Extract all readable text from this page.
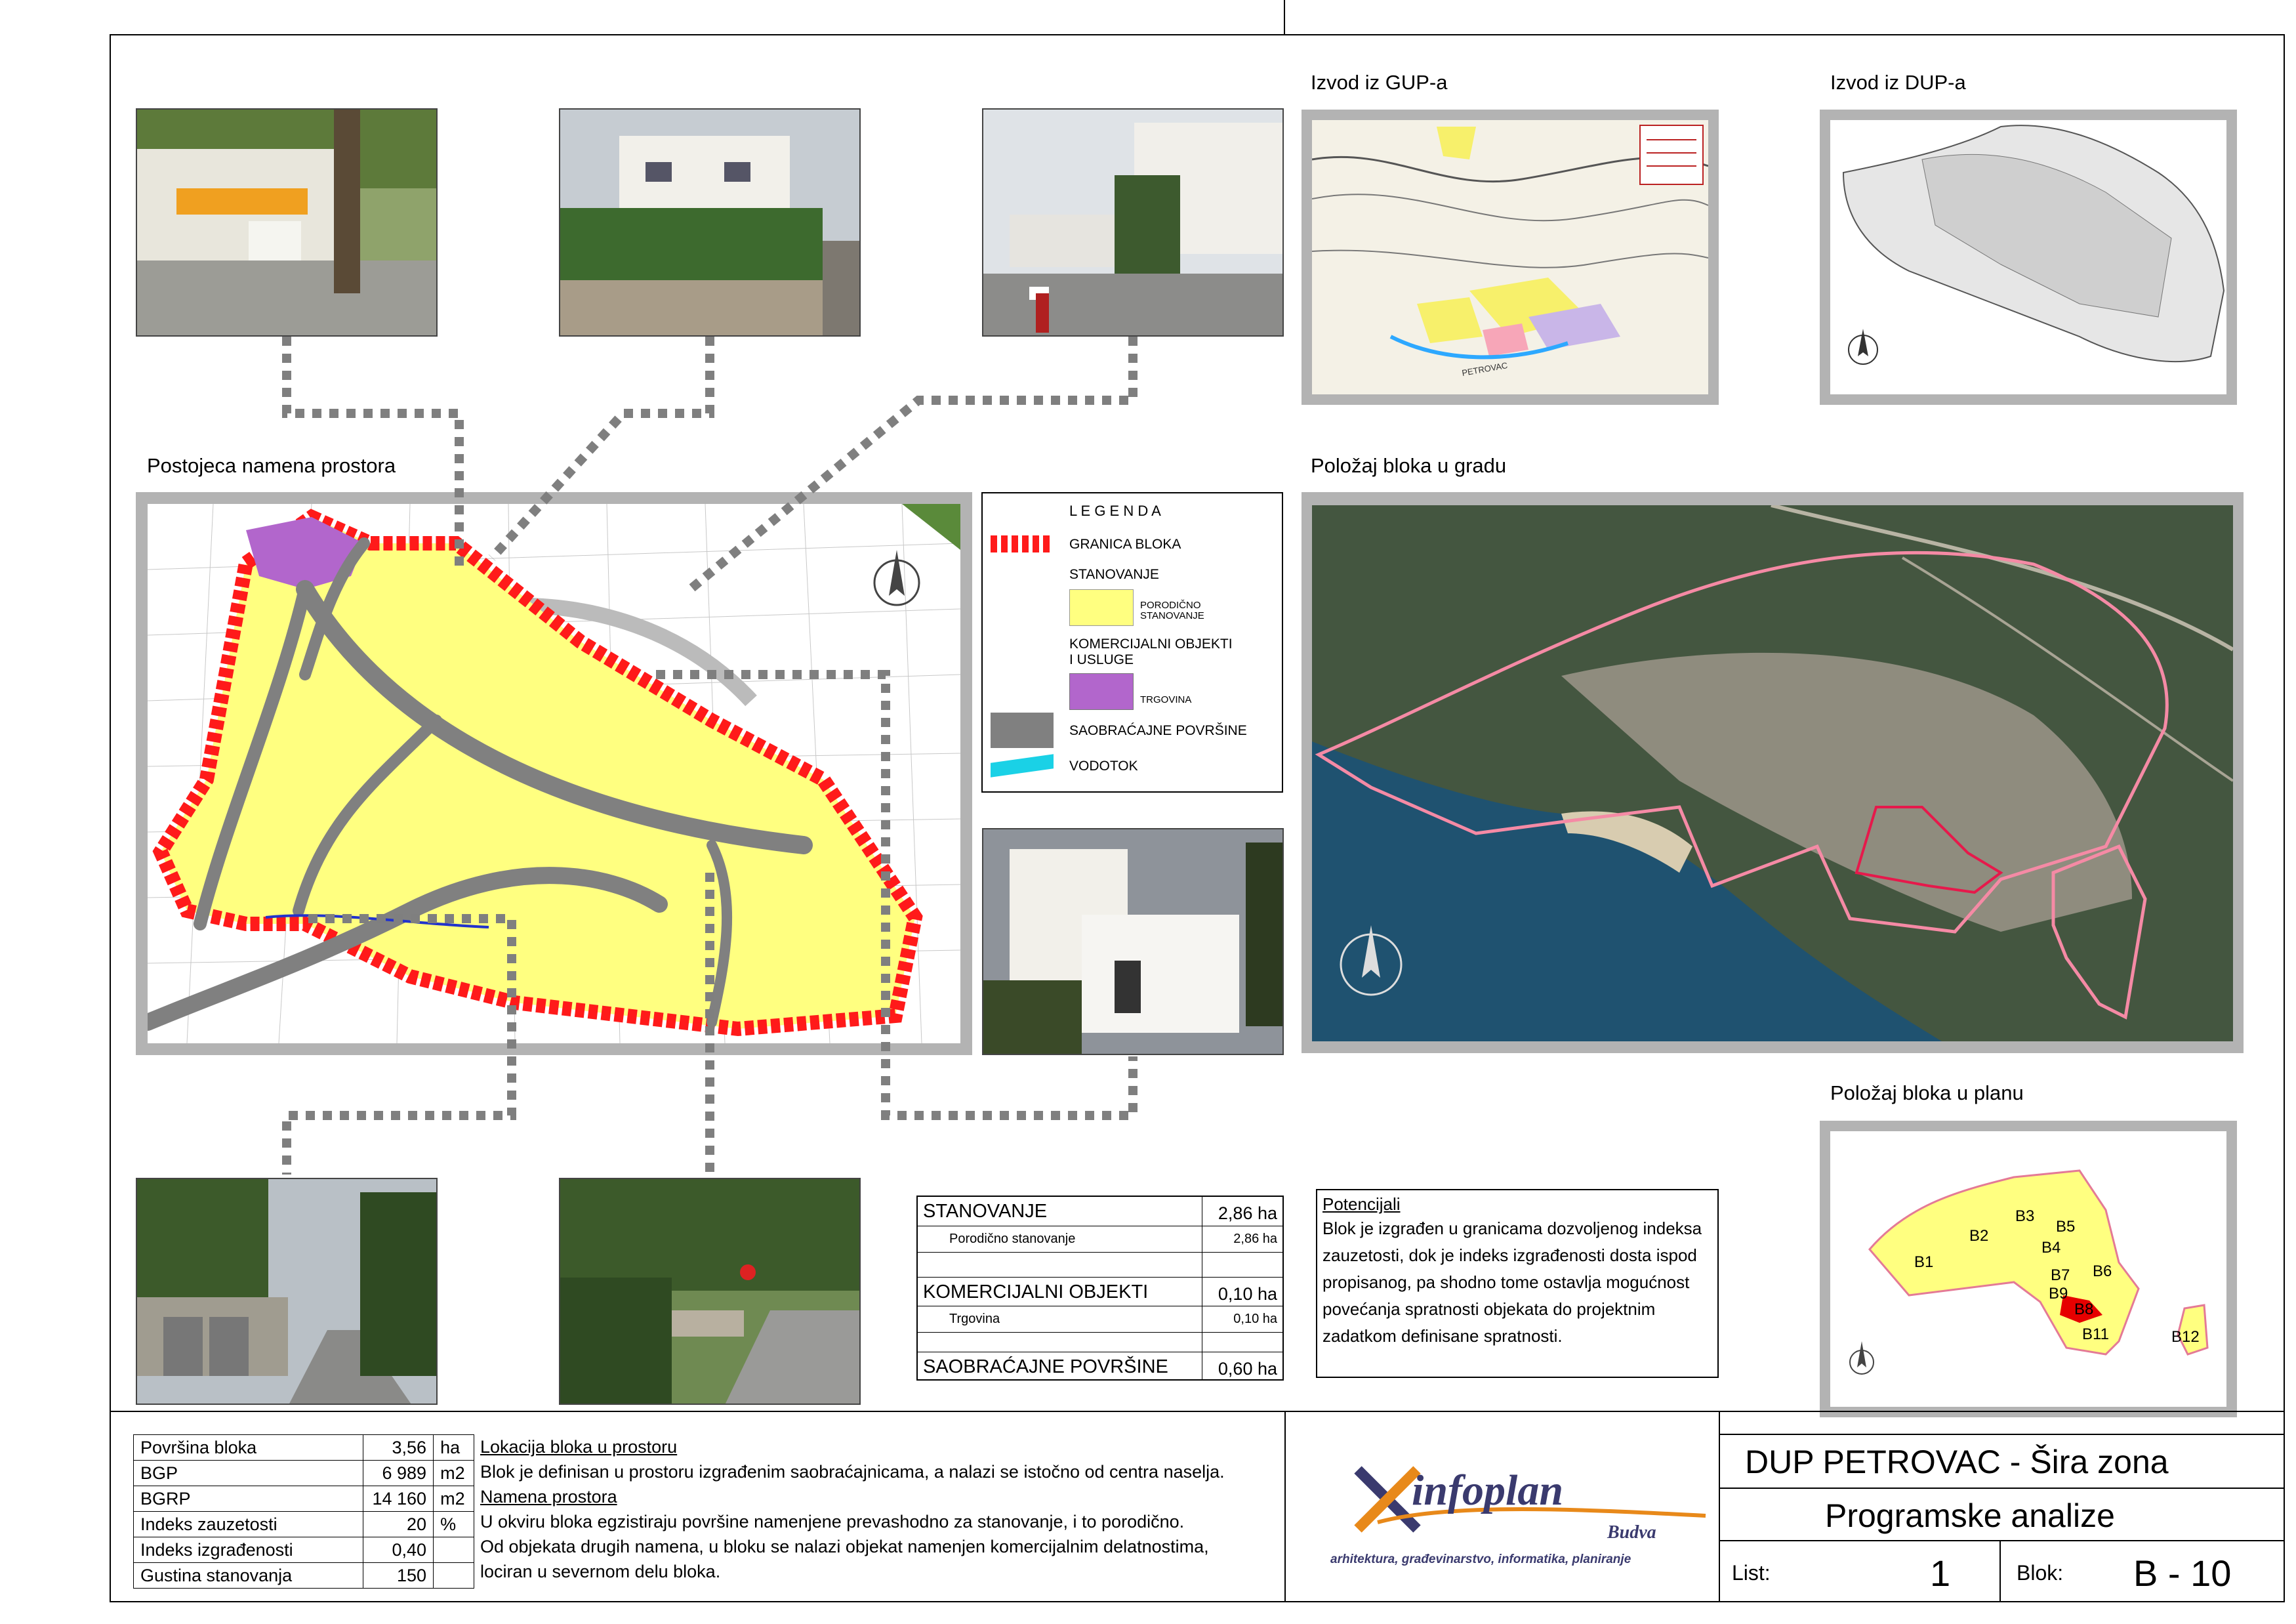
Izvod iz GUP-a	Izvod iz DUP-a
PETROVAC
Postojeca namena prostora
L E G E N D A
GRANICA BLOKA
STANOVANJE
PORODIČNO
STANOVANJE
KOMERCIJALNI OBJEKTI
I USLUGE
TRGOVINA
SAOBRAĆAJNE POVRŠINE
VODOTOK
Položaj bloka u gradu
Položaj bloka u planu
B1
B2
B3
B5
B4
B6
B7
B9
B8
B11	B12
STANOVANJE	2,86 ha
Porodično stanovanje	2,86 ha
KOMERCIJALNI OBJEKTI	0,10 ha
Trgovina	0,10 ha
SAOBRAĆAJNE POVRŠINE	0,60 ha
Potencijali
Blok je izgrađen u granicama dozvoljenog indeksa zauzetosti, dok je indeks izgrađenosti dosta ispod propisanog, pa shodno tome ostavlja mogućnost povećanja spratnosti objekata do projektnim zadatkom definisane spratnosti.
Površina bloka	3,56	ha
BGP	6 989	m2
BGRP	14 160	m2
Indeks zauzetosti	20	%
Indeks izgrađenosti	0,40	
Gustina stanovanja	150	
Lokacija bloka u prostoru
Blok je definisan u prostoru izgrađenim saobraćajnicama, a nalazi se istočno od centra naselja.
Namena prostora
U okviru bloka egzistiraju površine namenjene prevashodno za stanovanje, i to porodično.
Od objekata drugih namena, u bloku se nalazi objekat namenjen komercijalnim delatnostima,
lociran u severnom delu bloka.
infoplan
Budva
arhitektura, građevinarstvo, informatika, planiranje
DUP PETROVAC - Šira zona
Programske analize
List:	1	Blok: B - 10
